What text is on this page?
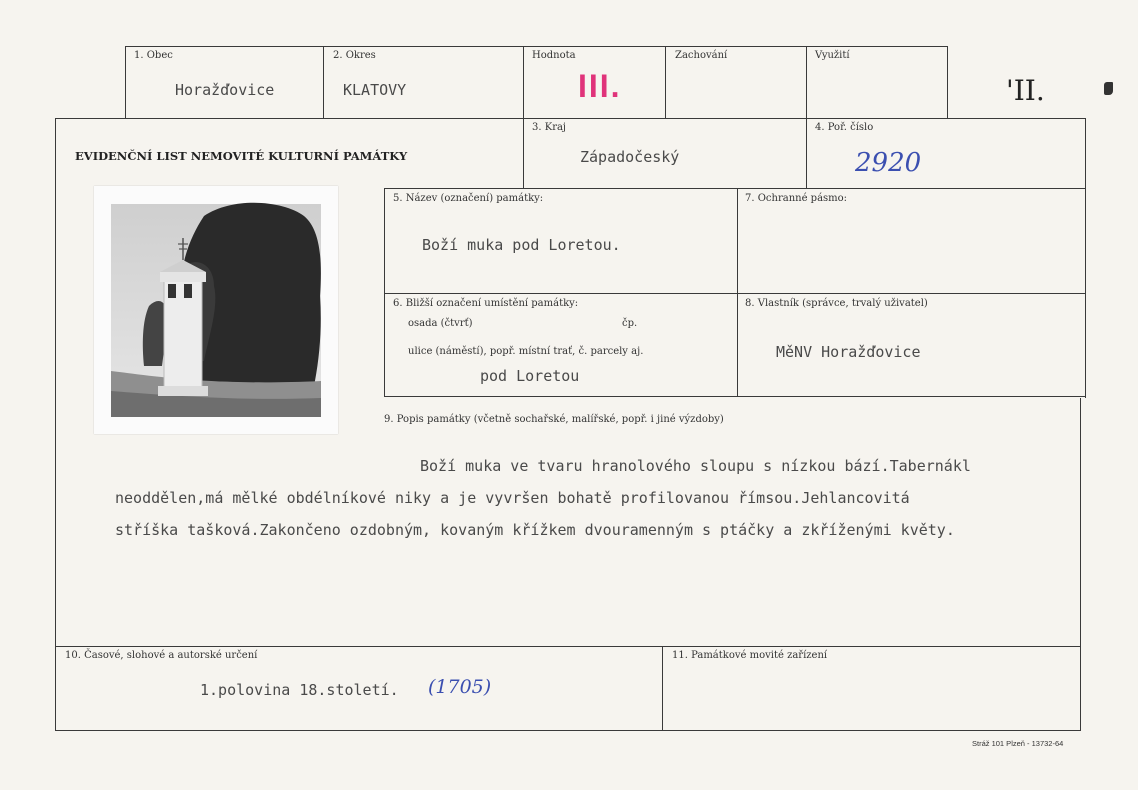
1. Obec
Horažďovice
2. Okres
KLATOVY
Hodnota
III.
Zachování	Využití
'II.
EVIDENČNÍ LIST NEMOVITÉ KULTURNÍ PAMÁTKY
3. Kraj
Západočeský
4. Poř. číslo
2920
5. Název (označení) památky:
Boží muka pod Loretou.
7. Ochranné pásmo:
6. Bližší označení umístění památky:
osada (čtvrť)	čp.
ulice (náměstí), popř. místní trať, č. parcely aj.
pod Loretou
8. Vlastník (správce, trvalý uživatel)
MěNV Horažďovice
9. Popis památky (včetně sochařské, malířské, popř. i jiné výzdoby)
Boží muka ve tvaru hranolového sloupu s nízkou bází.Tabernákl
neoddělen,má mělké obdélníkové niky a je vyvršen bohatě profilovanou římsou.Jehlancovitá
stříška tašková.Zakončeno ozdobným, kovaným křížkem dvouramenným s ptáčky a zkříženými květy.
10. Časové, slohové a autorské určení
1.polovina 18.století. (1705)
11. Památkové movité zařízení
Stráž 101 Plzeň - 13732-64
